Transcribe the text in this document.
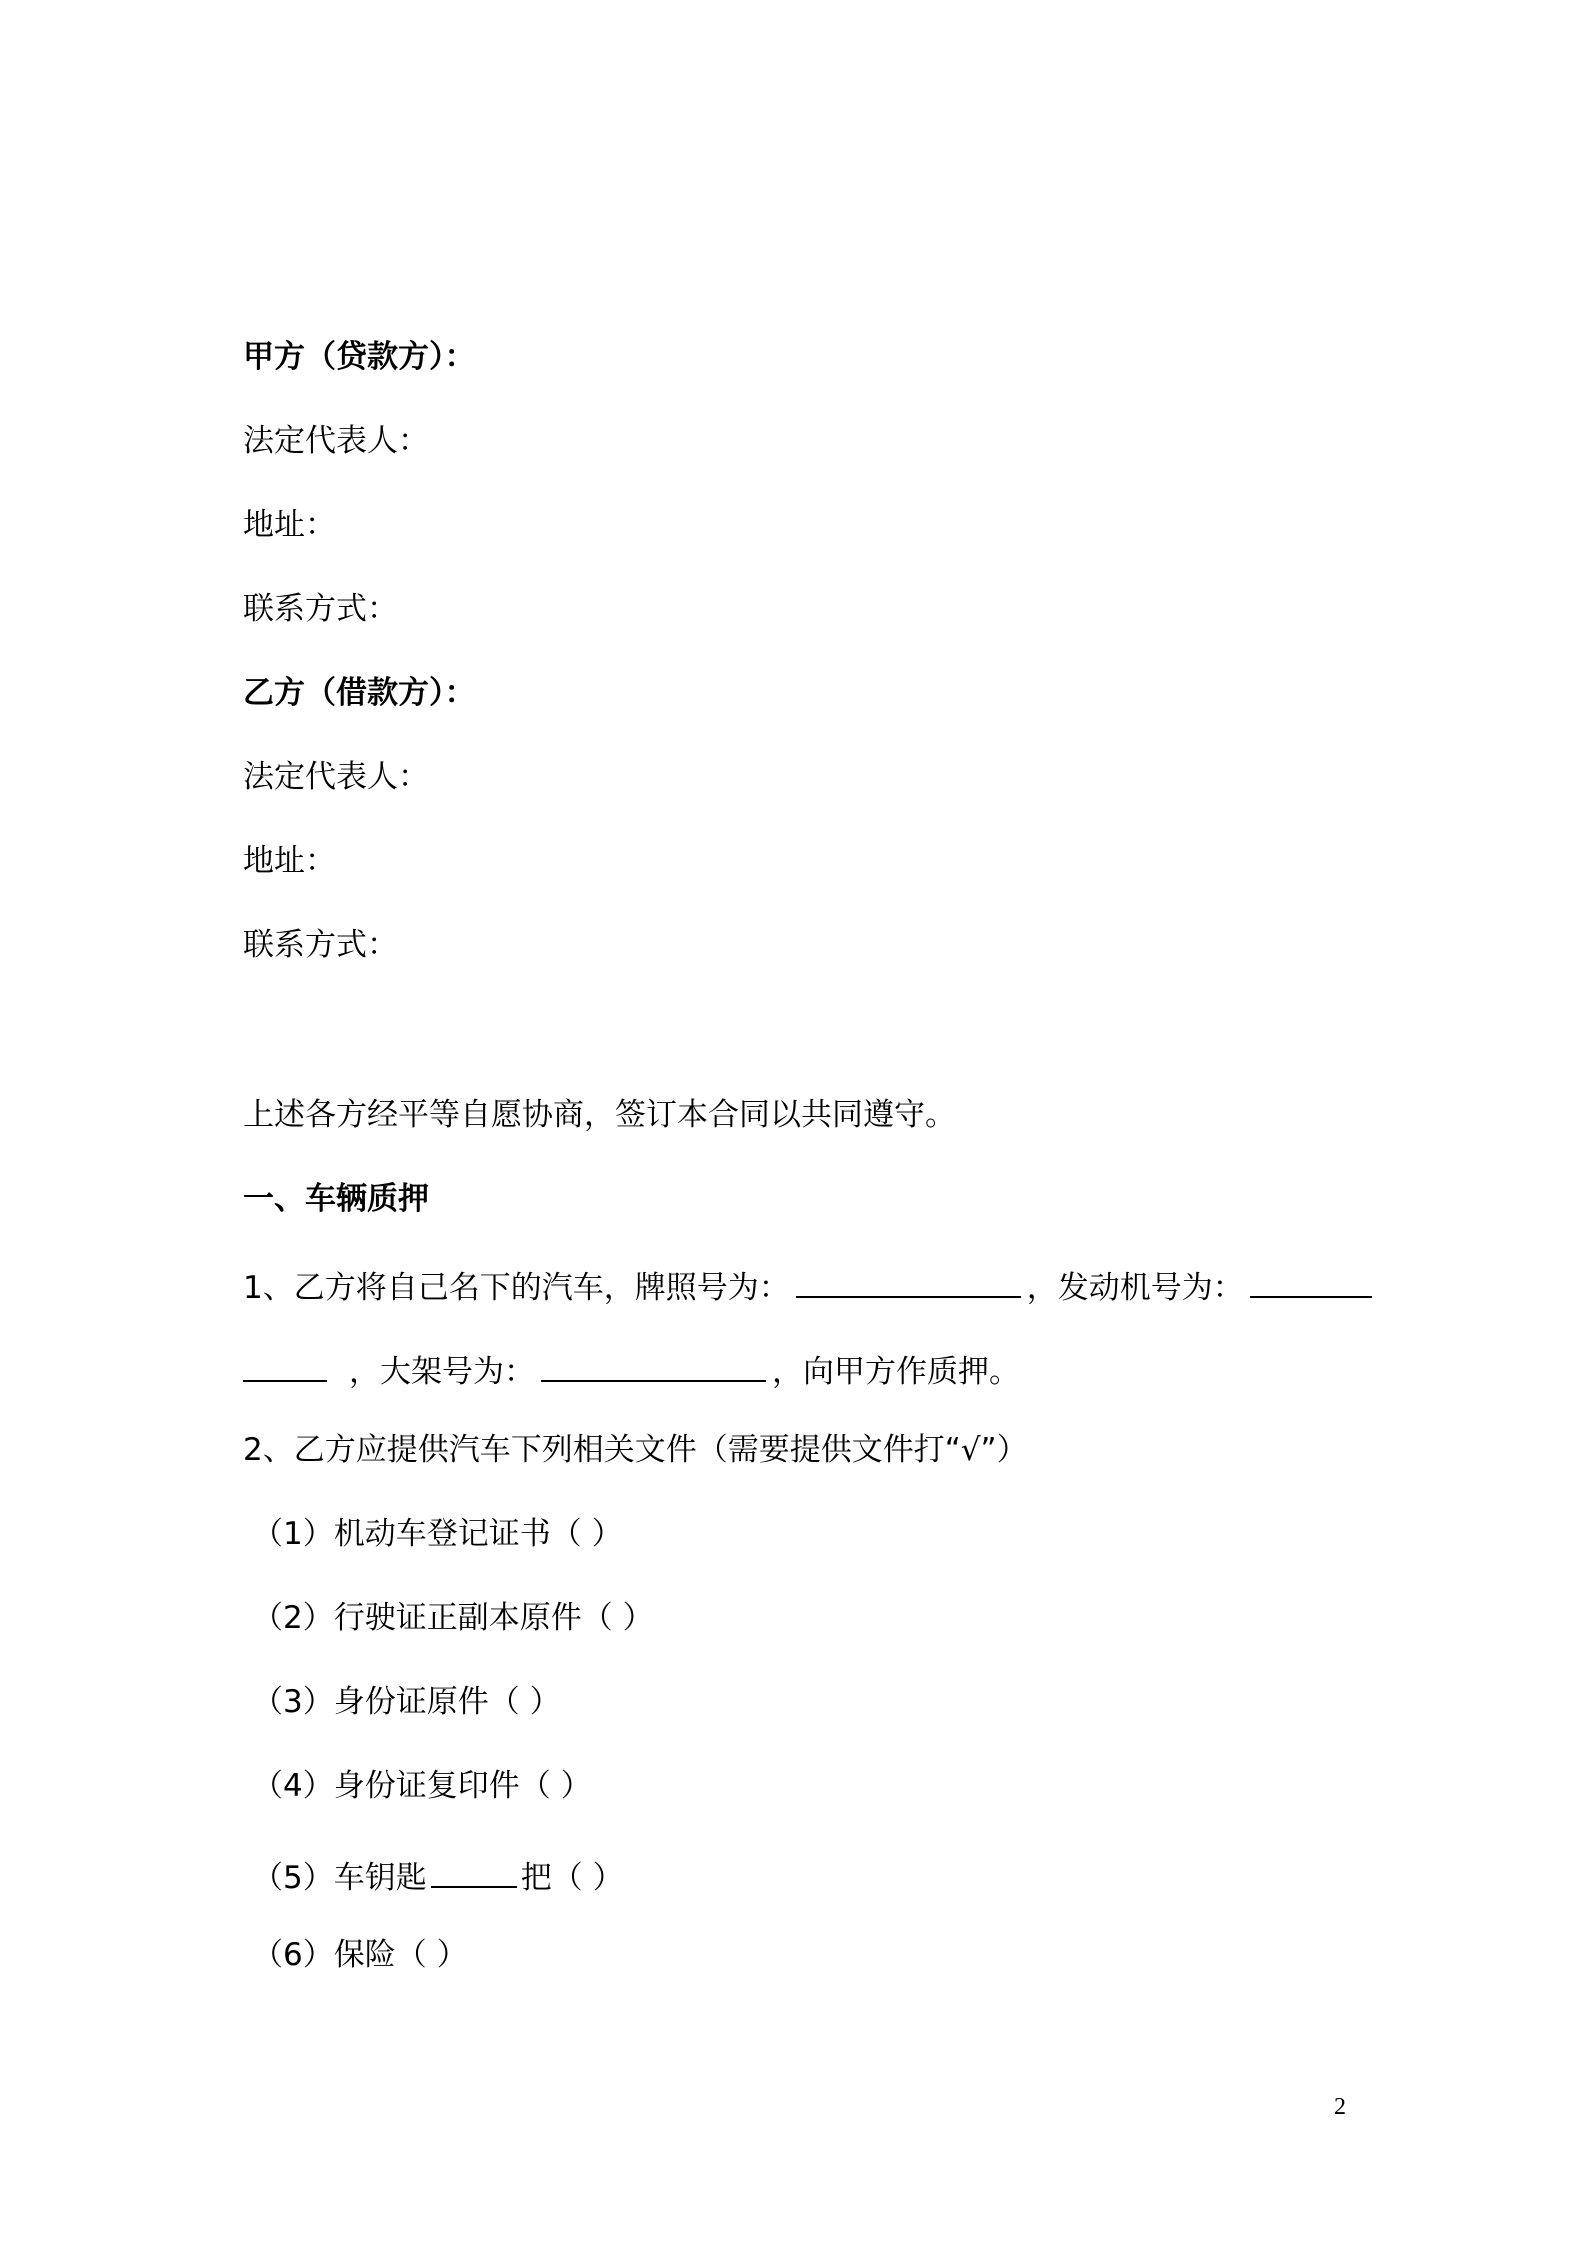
甲方（贷款方）：
法定代表人：
地址：
联系方式：
乙方（借款方）：
法定代表人：
地址：
联系方式：
上述各方经平等自愿协商，签订本合同以共同遵守。
一、车辆质押
1、乙方将自己名下的汽车，牌照号为：	，发动机号为：
，大架号为：	，向甲方作质押。
2、乙方应提供汽车下列相关文件（需要提供文件打“√”）
（1）机动车登记证书（ ）
（2）行驶证正副本原件（ ）
（3）身份证原件（ ）
（4）身份证复印件（ ）
（5）车钥匙	把（ ）
（6）保险（ ）
2
